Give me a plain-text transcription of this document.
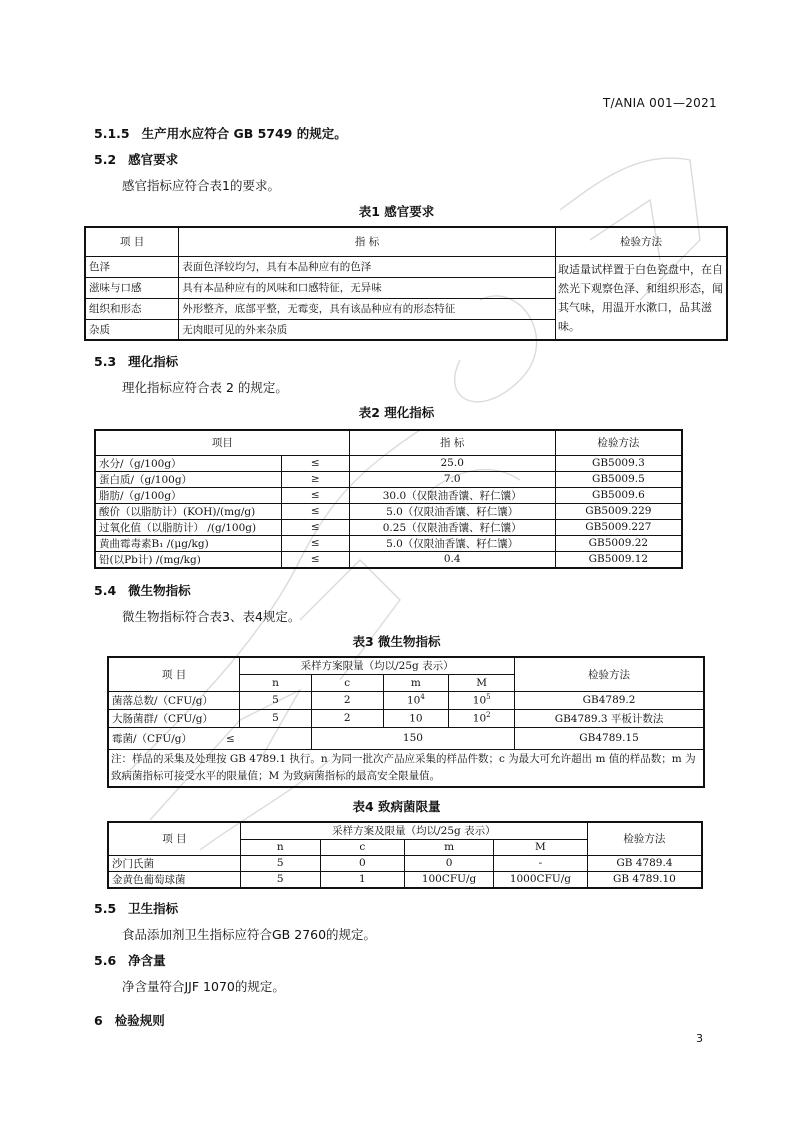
T/ANIA 001—2021
5.1.5 生产用水应符合 GB 5749 的规定。
5.2 感官要求
感官指标应符合表1的要求。
表1 感官要求
项 目	指 标	检验方法
色泽	表面色泽较均匀，具有本品种应有的色泽	取适量试样置于白色瓷盘中，在自然光下观察色泽、和组织形态，闻其气味，用温开水漱口，品其滋味。
滋味与口感	具有本品种应有的风味和口感特征，无异味	
组织和形态	外形整齐，底部平整，无霉变，具有该品种应有的形态特征	
杂质	无肉眼可见的外来杂质	
5.3 理化指标
理化指标应符合表 2 的规定。
表2 理化指标
项目		指 标	检验方法
水分/（g/100g）	≤	25.0	GB5009.3
蛋白质/（g/100g）	≥	7.0	GB5009.5
脂肪/（g/100g）	≤	30.0（仅限油香馕、籽仁馕）	GB5009.6
酸价（以脂肪计）(KOH)/(mg/g)	≤	5.0（仅限油香馕、籽仁馕）	GB5009.229
过氧化值（以脂肪计） /(g/100g)	≤	0.25（仅限油香馕、籽仁馕）	GB5009.227
黄曲霉毒素B₁ /(μg/kg)	≤	5.0（仅限油香馕、籽仁馕）	GB5009.22
铅(以Pb计) /(mg/kg)	≤	0.4	GB5009.12
5.4 微生物指标
微生物指标符合表3、表4规定。
表3 微生物指标
项 目	采样方案限量（均以/25g 表示）				检验方法
	n	c	m	M	
菌落总数/（CFU/g）	5	2	$10^4$	$10^5$	GB4789.2
大肠菌群/（CFU/g）	5	2	10	$10^2$	GB4789.3 平板计数法
霉菌/（CFU/g） ≤		150			GB4789.15
注：样品的采集及处理按 GB 4789.1 执行。n 为同一批次产品应采集的样品件数；c 为最大可允许超出 m 值的样品数；m 为致病菌指标可接受水平的限量值；M 为致病菌指标的最高安全限量值。					
表4 致病菌限量
项 目	采样方案及限量（均以/25g 表示）				检验方法
	n	c	m	M	
沙门氏菌	5	0	0	-	GB 4789.4
金黄色葡萄球菌	5	1	100CFU/g	1000CFU/g	GB 4789.10
5.5 卫生指标
食品添加剂卫生指标应符合GB 2760的规定。
5.6 净含量
净含量符合JJF 1070的规定。
6 检验规则
3
